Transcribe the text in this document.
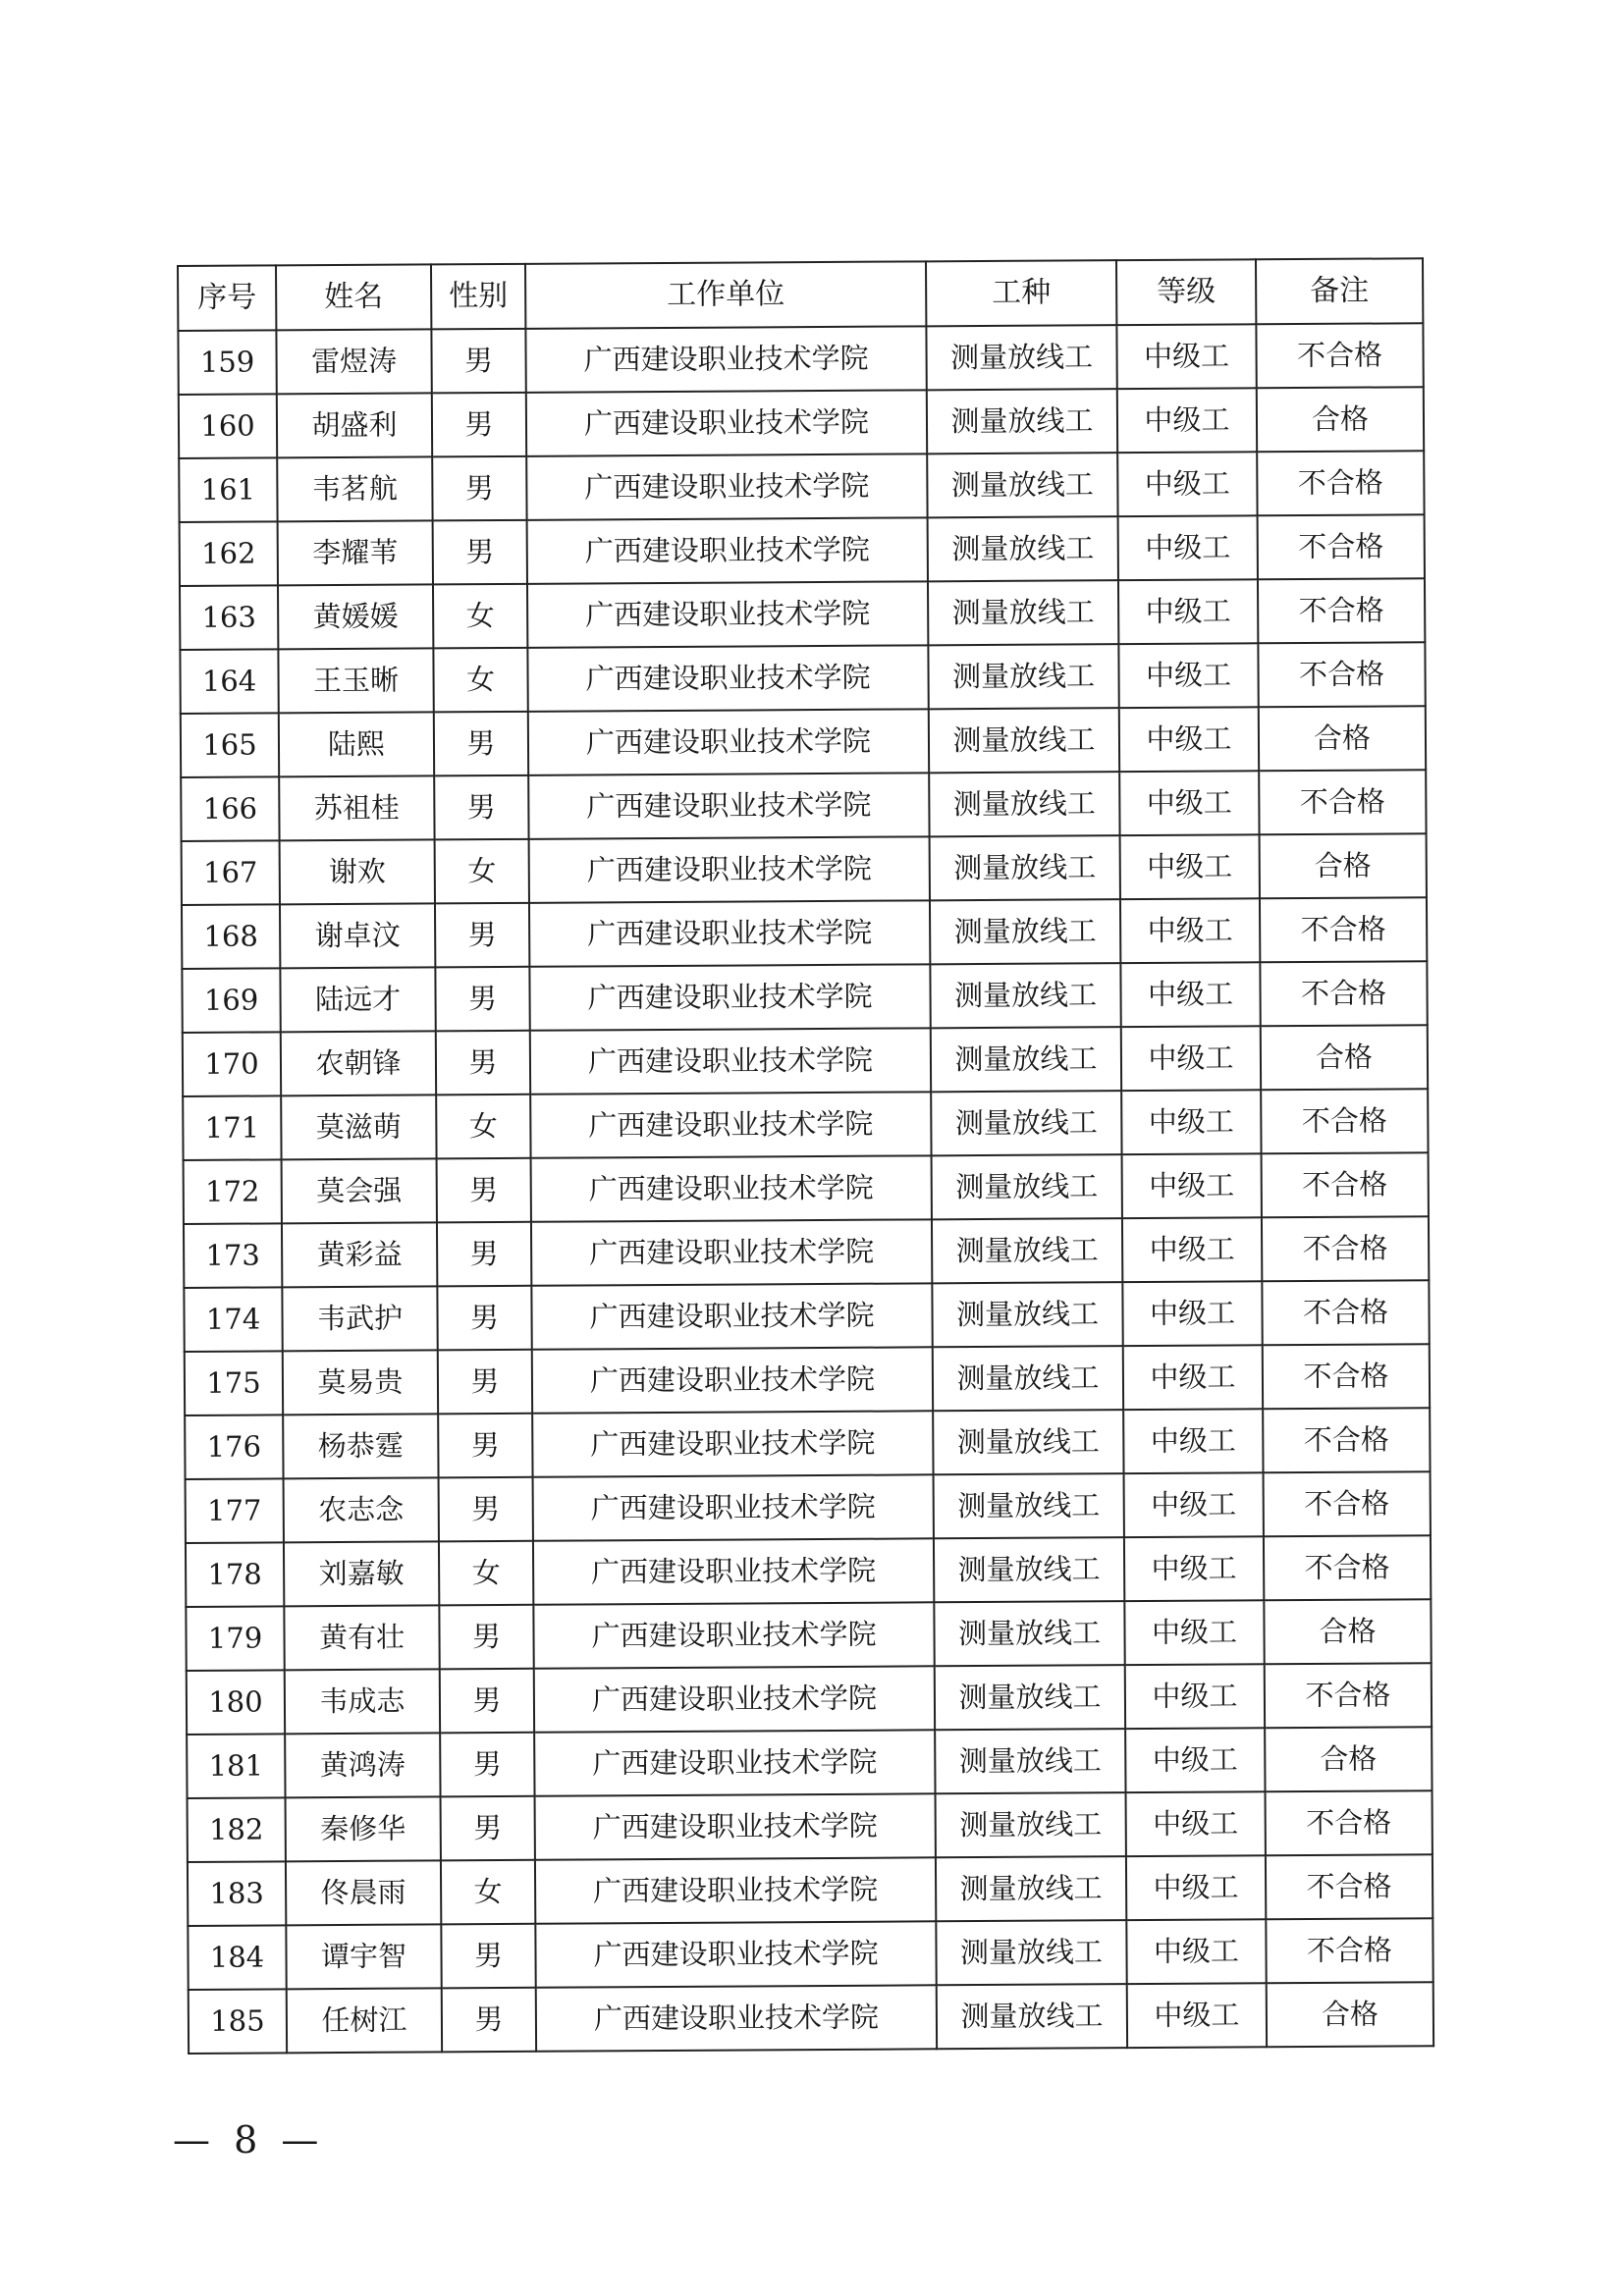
序号	姓名	性别	工作单位	工种	等级	备注
159	雷煜涛	男	广西建设职业技术学院	测量放线工	中级工	不合格
160	胡盛利	男	广西建设职业技术学院	测量放线工	中级工	合格
161	韦茗航	男	广西建设职业技术学院	测量放线工	中级工	不合格
162	李耀苇	男	广西建设职业技术学院	测量放线工	中级工	不合格
163	黄媛媛	女	广西建设职业技术学院	测量放线工	中级工	不合格
164	王玉晰	女	广西建设职业技术学院	测量放线工	中级工	不合格
165	陆熙	男	广西建设职业技术学院	测量放线工	中级工	合格
166	苏祖桂	男	广西建设职业技术学院	测量放线工	中级工	不合格
167	谢欢	女	广西建设职业技术学院	测量放线工	中级工	合格
168	谢卓汶	男	广西建设职业技术学院	测量放线工	中级工	不合格
169	陆远才	男	广西建设职业技术学院	测量放线工	中级工	不合格
170	农朝锋	男	广西建设职业技术学院	测量放线工	中级工	合格
171	莫滋萌	女	广西建设职业技术学院	测量放线工	中级工	不合格
172	莫会强	男	广西建设职业技术学院	测量放线工	中级工	不合格
173	黄彩益	男	广西建设职业技术学院	测量放线工	中级工	不合格
174	韦武护	男	广西建设职业技术学院	测量放线工	中级工	不合格
175	莫易贵	男	广西建设职业技术学院	测量放线工	中级工	不合格
176	杨恭霆	男	广西建设职业技术学院	测量放线工	中级工	不合格
177	农志念	男	广西建设职业技术学院	测量放线工	中级工	不合格
178	刘嘉敏	女	广西建设职业技术学院	测量放线工	中级工	不合格
179	黄有壮	男	广西建设职业技术学院	测量放线工	中级工	合格
180	韦成志	男	广西建设职业技术学院	测量放线工	中级工	不合格
181	黄鸿涛	男	广西建设职业技术学院	测量放线工	中级工	合格
182	秦修华	男	广西建设职业技术学院	测量放线工	中级工	不合格
183	佟晨雨	女	广西建设职业技术学院	测量放线工	中级工	不合格
184	谭宇智	男	广西建设职业技术学院	测量放线工	中级工	不合格
185	任树江	男	广西建设职业技术学院	测量放线工	中级工	合格
— 8 —
